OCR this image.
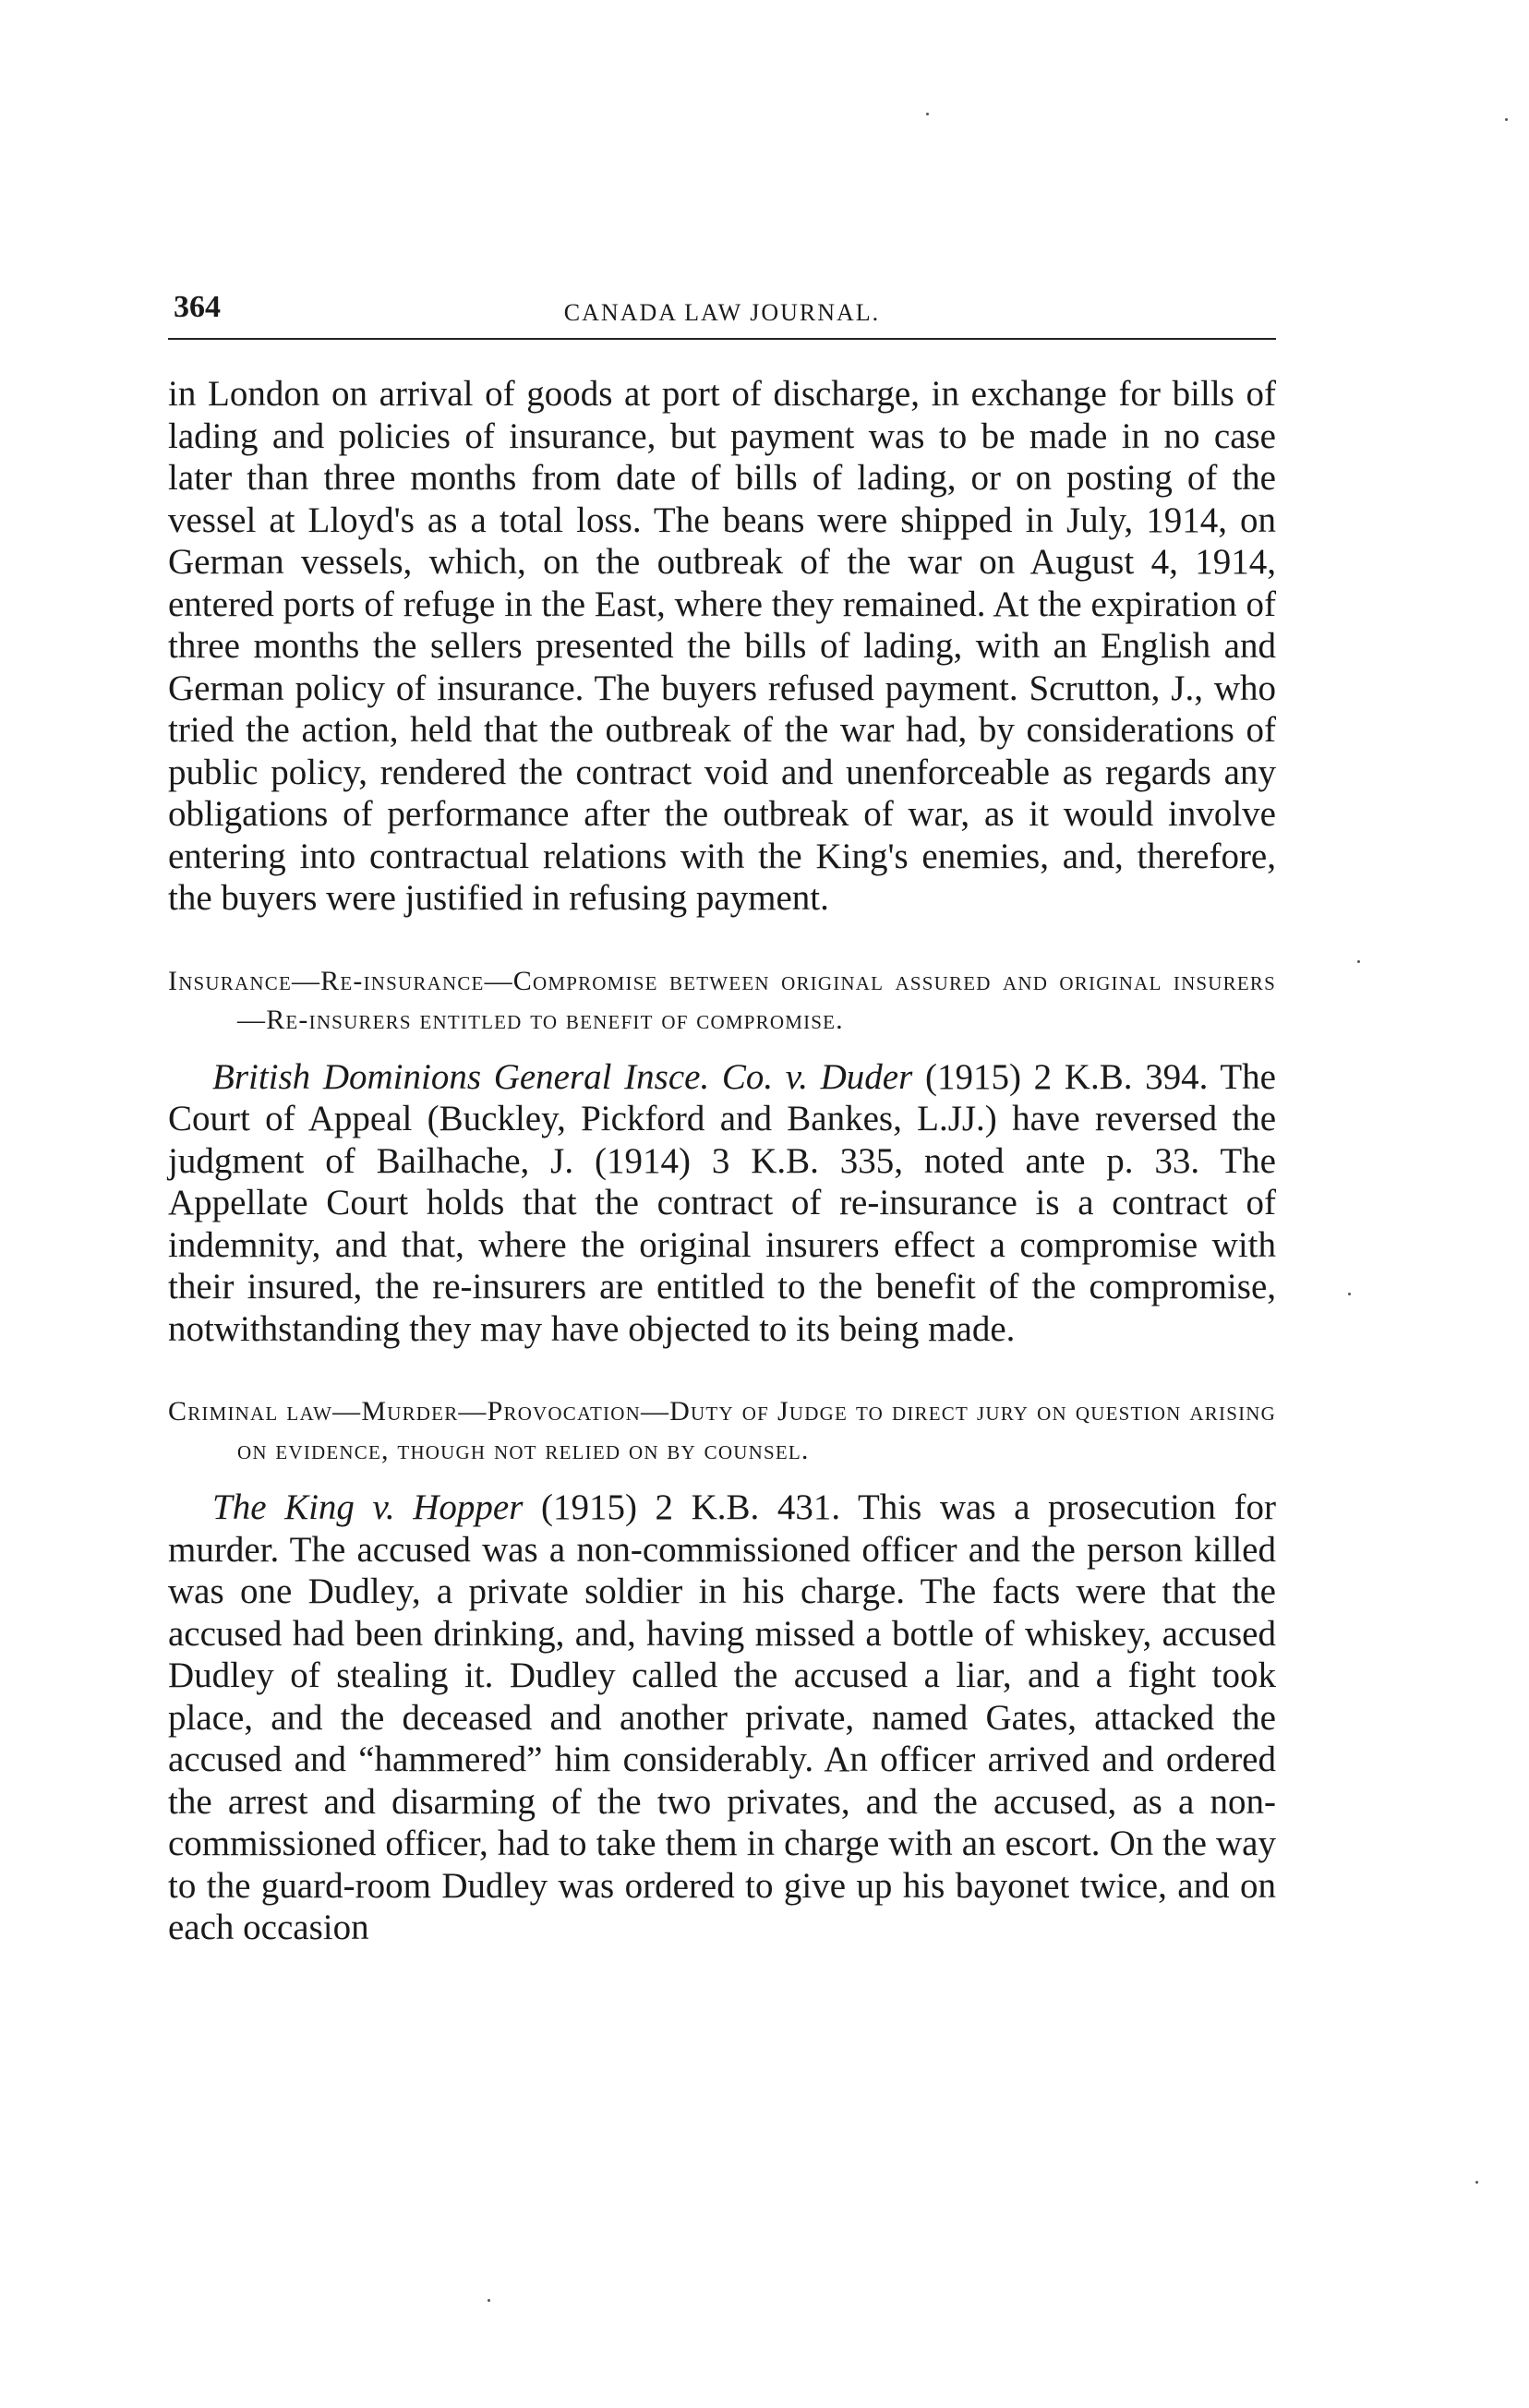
364	CANADA LAW JOURNAL.

in London on arrival of goods at port of discharge, in exchange for bills of lading and policies of insurance, but payment was to be made in no case later than three months from date of bills of lading, or on posting of the vessel at Lloyd's as a total loss. The beans were shipped in July, 1914, on German vessels, which, on the outbreak of the war on August 4, 1914, entered ports of refuge in the East, where they remained. At the expiration of three months the sellers presented the bills of lading, with an English and German policy of insurance. The buyers refused payment. Scrutton, J., who tried the action, held that the outbreak of the war had, by considerations of public policy, rendered the contract void and unenforceable as regards any obligations of performance after the outbreak of war, as it would involve entering into contractual relations with the King's enemies, and, therefore, the buyers were justified in refusing payment.

Insurance—Re-insurance—Compromise between original assured and original insurers—Re-insurers entitled to benefit of compromise.

British Dominions General Insce. Co. v. Duder (1915) 2 K.B. 394. The Court of Appeal (Buckley, Pickford and Bankes, L.JJ.) have reversed the judgment of Bailhache, J. (1914) 3 K.B. 335, noted ante p. 33. The Appellate Court holds that the contract of re-insurance is a contract of indemnity, and that, where the original insurers effect a compromise with their insured, the re-insurers are entitled to the benefit of the compromise, notwithstanding they may have objected to its being made.

Criminal law—Murder—Provocation—Duty of Judge to direct jury on question arising on evidence, though not relied on by counsel.

The King v. Hopper (1915) 2 K.B. 431. This was a prosecution for murder. The accused was a non-commissioned officer and the person killed was one Dudley, a private soldier in his charge. The facts were that the accused had been drinking, and, having missed a bottle of whiskey, accused Dudley of stealing it. Dudley called the accused a liar, and a fight took place, and the deceased and another private, named Gates, attacked the accused and “hammered” him considerably. An officer arrived and ordered the arrest and disarming of the two privates, and the accused, as a non-commissioned officer, had to take them in charge with an escort. On the way to the guard-room Dudley was ordered to give up his bayonet twice, and on each occasion
